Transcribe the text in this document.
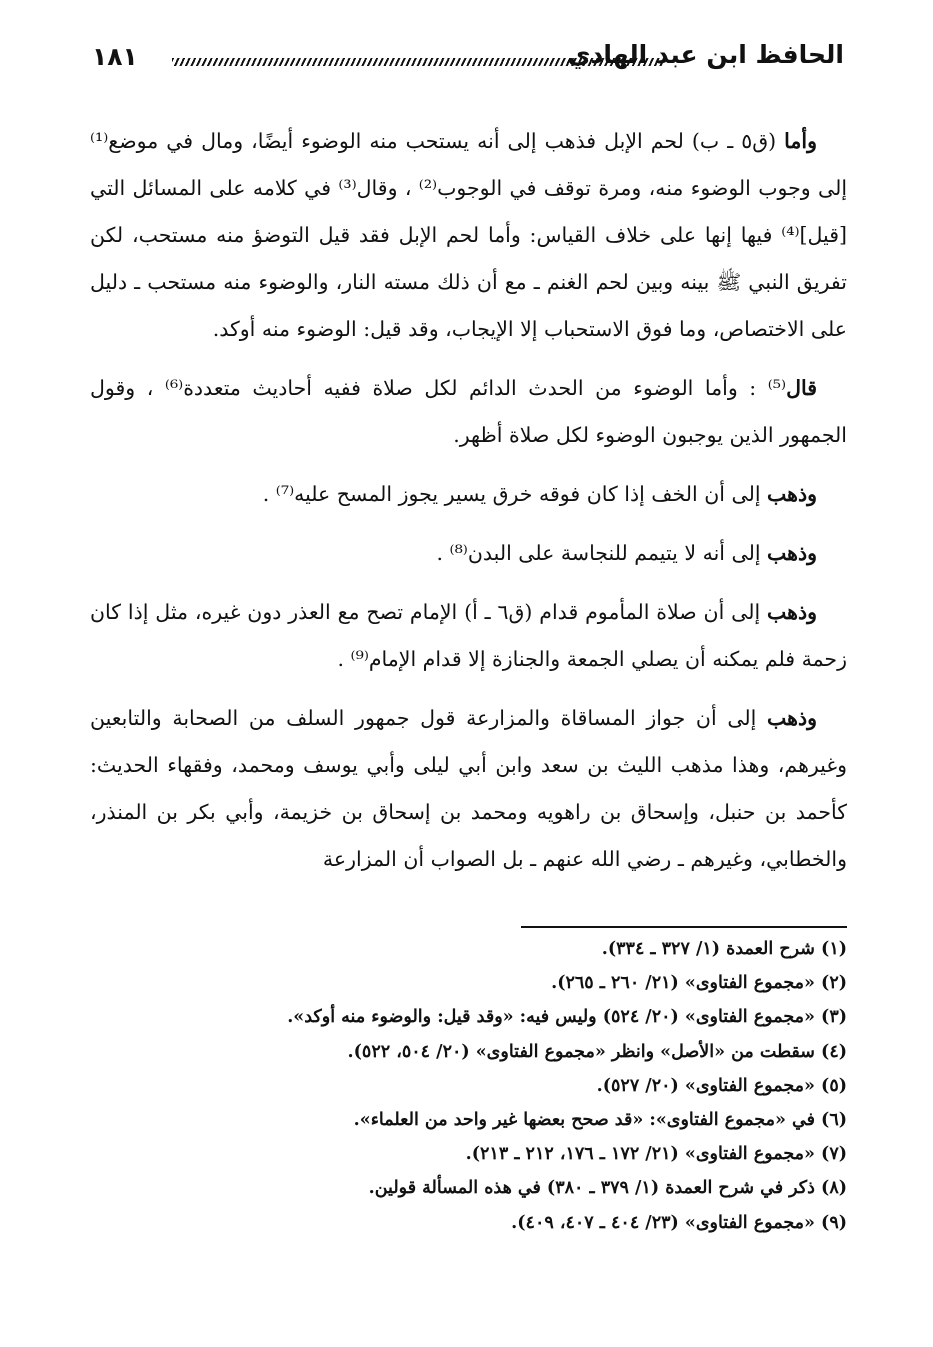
١٨١	الحافظ ابن عبد الهادي

وأما (ق٥ ـ ب) لحم الإبل فذهب إلى أنه يستحب منه الوضوء أيضًا، ومال في موضع⁽¹⁾ إلى وجوب الوضوء منه، ومرة توقف في الوجوب⁽²⁾ ، وقال⁽³⁾ في كلامه على المسائل التي [قيل]⁽⁴⁾ فيها إنها على خلاف القياس: وأما لحم الإبل فقد قيل التوضؤ منه مستحب، لكن تفريق النبي ﷺ بينه وبين لحم الغنم ـ مع أن ذلك مسته النار، والوضوء منه مستحب ـ دليل على الاختصاص، وما فوق الاستحباب إلا الإيجاب، وقد قيل: الوضوء منه أوكد.

قال⁽⁵⁾ : وأما الوضوء من الحدث الدائم لكل صلاة ففيه أحاديث متعددة⁽⁶⁾ ، وقول الجمهور الذين يوجبون الوضوء لكل صلاة أظهر.

وذهب إلى أن الخف إذا كان فوقه خرق يسير يجوز المسح عليه⁽⁷⁾ .

وذهب إلى أنه لا يتيمم للنجاسة على البدن⁽⁸⁾ .

وذهب إلى أن صلاة المأموم قدام (ق٦ ـ أ) الإمام تصح مع العذر دون غيره، مثل إذا كان زحمة فلم يمكنه أن يصلي الجمعة والجنازة إلا قدام الإمام⁽⁹⁾ .

وذهب إلى أن جواز المساقاة والمزارعة قول جمهور السلف من الصحابة والتابعين وغيرهم، وهذا مذهب الليث بن سعد وابن أبي ليلى وأبي يوسف ومحمد، وفقهاء الحديث: كأحمد بن حنبل، وإسحاق بن راهويه ومحمد بن إسحاق بن خزيمة، وأبي بكر بن المنذر، والخطابي، وغيرهم ـ رضي الله عنهم ـ بل الصواب أن المزارعة

(١) شرح العمدة (١/ ٣٢٧ ـ ٣٣٤).
(٢) «مجموع الفتاوى» (٢١/ ٢٦٠ ـ ٢٦٥).
(٣) «مجموع الفتاوى» (٢٠/ ٥٢٤) وليس فيه: «وقد قيل: والوضوء منه أوكد».
(٤) سقطت من «الأصل» وانظر «مجموع الفتاوى» (٢٠/ ٥٠٤، ٥٢٢).
(٥) «مجموع الفتاوى» (٢٠/ ٥٢٧).
(٦) في «مجموع الفتاوى»: «قد صحح بعضها غير واحد من العلماء».
(٧) «مجموع الفتاوى» (٢١/ ١٧٢ ـ ١٧٦، ٢١٢ ـ ٢١٣).
(٨) ذكر في شرح العمدة (١/ ٣٧٩ ـ ٣٨٠) في هذه المسألة قولين.
(٩) «مجموع الفتاوى» (٢٣/ ٤٠٤ ـ ٤٠٧، ٤٠٩).
